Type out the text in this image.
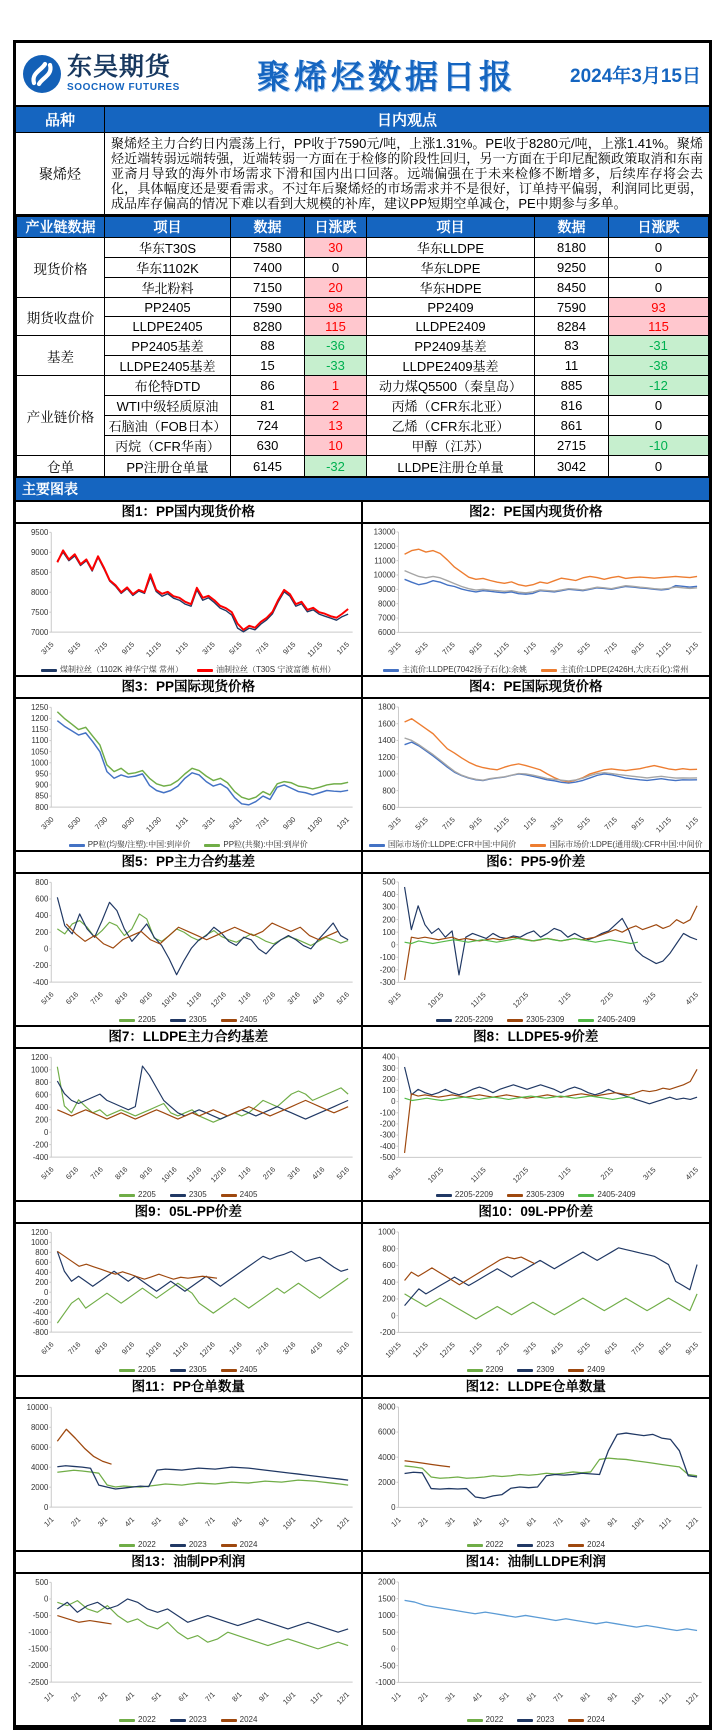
东吴期货
SOOCHOW FUTURES	聚烯烃数据日报	2024年3月15日
品种	日内观点
聚烯烃
聚烯烃主力合约日内震荡上行，PP收于7590元/吨，上涨1.31%。PE收于8280元/吨，上涨1.41%。聚烯烃近端转弱远端转强，近端转弱一方面在于检修的阶段性回归，另一方面在于印尼配额政策取消和东南亚斋月导致的海外市场需求下滑和国内出口回落。远端偏强在于未来检修不断增多，后续库存将会去化，具体幅度还是要看需求。不过年后聚烯烃的市场需求并不是很好，订单持平偏弱，利润同比更弱，成品库存偏高的情况下难以看到大规模的补库，建议PP短期空单减仓，PE中期参与多单。
产业链数据	项目	数据	日涨跌	项目	数据	日涨跌
现货价格	华东T30S	7580	30	华东LLDPE	8180	0
	华东1102K	7400	0	华东LDPE	9250	0
	华北粉料	7150	20	华东HDPE	8450	0
期货收盘价	PP2405	7590	98	PP2409	7590	93
	LLDPE2405	8280	115	LLDPE2409	8284	115
基差	PP2405基差	88	-36	PP2409基差	83	-31
	LLDPE2405基差	15	-33	LLDPE2409基差	11	-38
产业链价格	布伦特DTD	86	1	动力煤Q5500（秦皇岛）	885	-12
	WTI中级轻质原油	81	2	丙烯（CFR东北亚）	816	0
	石脑油（FOB日本）	724	13	乙烯（CFR东北亚）	861	0
	丙烷（CFR华南）	630	10	甲醇（江苏）	2715	-10
仓单	PP注册仓单量	6145	-32	LLDPE注册仓单量	3042	0
主要图表
图1：PP国内现货价格
9500
9000
8500
8000
7500
7000
3/15 5/15 7/15 9/15 11/15 1/15 3/15 5/15 7/15 9/15 11/15 1/15
煤制拉丝（1102K 神华宁煤 常州）	油制拉丝（T30S 宁波富德 杭州）
图2：PE国内现货价格
13000
12000
11000
10000
9000
8000
7000
6000
3/15 5/15 7/15 9/15 11/15 1/15 3/15 5/15 7/15 9/15 11/15 1/15
主流价:LLDPE(7042扬子石化):余姚	主流价:LDPE(2426H,大庆石化):常州
图3：PP国际现货价格
1250
1200
1150
1100
1050
1000
950
900
850
800
3/30 5/30 7/30 9/30 11/30 1/31 3/31 5/31 7/31 9/30 11/30 1/31
PP粒(均聚/注塑):中国:到岸价	PP粒(共聚):中国:到岸价
图4：PE国际现货价格
1800
1600
1400
1200
1000
800
600
3/15 5/15 7/15 9/15 11/15 1/15 3/15 5/15 7/15 9/15 11/15 1/15
国际市场价:LLDPE:CFR中国:中间价	国际市场价:LDPE(通用级):CFR中国:中间价
图5：PP主力合约基差
800
600
400
200
0
-200
-400
5/16 6/16 7/16 8/16 9/16 10/16 11/16 12/16 1/16 2/16 3/16 4/16 5/16
2205	2305	2405
图6：PP5-9价差
500
400
300
200
100
0
-100
-200
-300
9/15	10/15	11/15	12/15	1/15	2/15	3/15	4/15
2205-2209	2305-2309	2405-2409
图7：LLDPE主力合约基差
1200
1000
800
600
400
200
0
-200
-400
5/16 6/16 7/16 8/16 9/16 10/16 11/16 12/16 1/16 2/16 3/16 4/16 5/16
2205	2305	2405
图8：LLDPE5-9价差
400
300
200
100
0
-100
-200
-300
-400
-500
9/15	10/15	11/15	12/15	1/15	2/15	3/15	4/15
2205-2209	2305-2309	2405-2409
图9：05L-PP价差
1200
1000
800
600
400
200
0
-200
-400
-600
-800
6/16 7/16 8/16 9/16 10/16 11/16 12/16 1/16 2/16 3/16 4/16 5/16
2205	2305	2405
图10：09L-PP价差
1000
800
600
400
200
0
-200
10/15 11/15 12/15 1/15 2/15 3/15 4/15 5/15 6/15 7/15 8/15 9/15
2209	2309	2409
图11：PP仓单数量
10000
8000
6000
4000
2000
0
1/1 2/1 3/1 4/1 5/1 6/1 7/1 8/1 9/1 10/1 11/1 12/1
2022	2023	2024
图12：LLDPE仓单数量
8000
6000
4000
2000
0
1/1 2/1 3/1 4/1 5/1 6/1 7/1 8/1 9/1 10/1 11/1 12/1
2022	2023	2024
图13：油制PP利润
500
0
-500
-1000
-1500
-2000
-2500
1/1 2/1 3/1 4/1 5/1 6/1 7/1 8/1 9/1 10/1 11/1 12/1
2022	2023	2024
图14：油制LLDPE利润
2000
1500
1000
500
0
-500
-1000
1/1 2/1 3/1 4/1 5/1 6/1 7/1 8/1 9/1 10/1 11/1 12/1
2022	2023	2024
